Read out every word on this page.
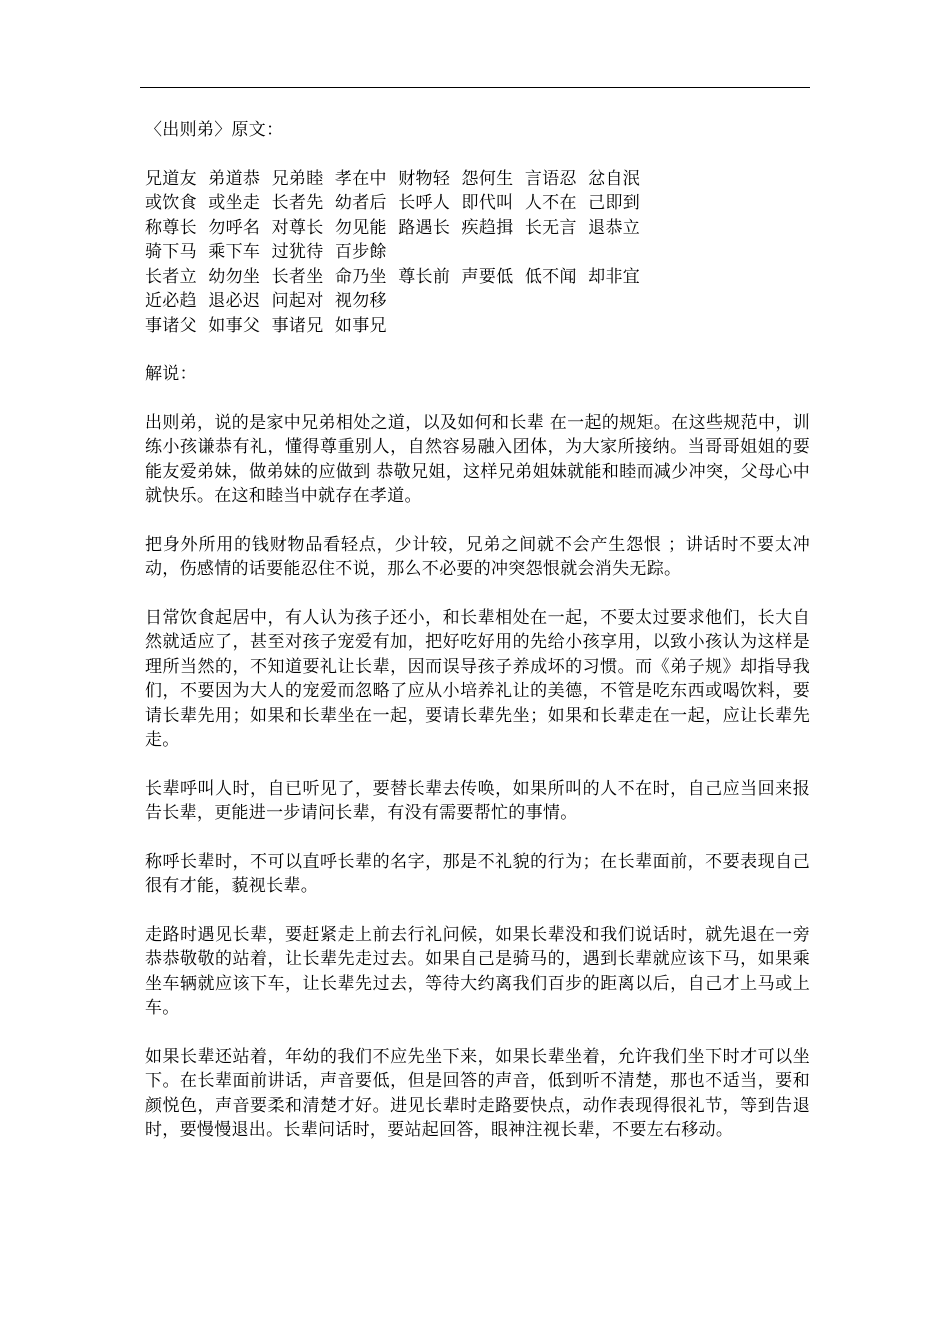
〈出则弟〉原文：
兄道友  弟道恭  兄弟睦  孝在中  财物轻  怨何生  言语忍  忿自泯
或饮食  或坐走  长者先  幼者后  长呼人  即代叫  人不在  己即到
称尊长  勿呼名  对尊长  勿见能  路遇长  疾趋揖  长无言  退恭立
骑下马  乘下车  过犹待  百步餘
长者立  幼勿坐  长者坐  命乃坐  尊长前  声要低  低不闻  却非宜
近必趋  退必迟  问起对  视勿移
事诸父  如事父  事诸兄  如事兄
解说：

出则弟，说的是家中兄弟相处之道，以及如何和长辈 在一起的规矩。在这些规范中，训练小孩谦恭有礼，懂得尊重别人，自然容易融入团体，为大家所接纳。当哥哥姐姐的要能友爱弟妹，做弟妹的应做到 恭敬兄姐，这样兄弟姐妹就能和睦而减少冲突，父母心中就快乐。在这和睦当中就存在孝道。

把身外所用的钱财物品看轻点，少计较，兄弟之间就不会产生怨恨 ；讲话时不要太冲动，伤感情的话要能忍住不说，那么不必要的冲突怨恨就会消失无踪。

日常饮食起居中，有人认为孩子还小，和长辈相处在一起，不要太过要求他们，长大自然就适应了，甚至对孩子宠爱有加，把好吃好用的先给小孩享用，以致小孩认为这样是理所当然的，不知道要礼让长辈，因而误导孩子养成坏的习惯。而《弟子规》却指导我们，不要因为大人的宠爱而忽略了应从小培养礼让的美德，不管是吃东西或喝饮料，要请长辈先用；如果和长辈坐在一起，要请长辈先坐；如果和长辈走在一起，应让长辈先走。

长辈呼叫人时，自已听见了，要替长辈去传唤，如果所叫的人不在时，自己应当回来报告长辈，更能进一步请问长辈，有没有需要帮忙的事情。

称呼长辈时，不可以直呼长辈的名字，那是不礼貌的行为；在长辈面前，不要表现自己很有才能，藐视长辈。

走路时遇见长辈，要赶紧走上前去行礼问候，如果长辈没和我们说话时，就先退在一旁恭恭敬敬的站着，让长辈先走过去。如果自己是骑马的，遇到长辈就应该下马，如果乘坐车辆就应该下车，让长辈先过去，等待大约离我们百步的距离以后，自己才上马或上车。

如果长辈还站着，年幼的我们不应先坐下来，如果长辈坐着，允许我们坐下时才可以坐下。在长辈面前讲话，声音要低，但是回答的声音，低到听不清楚，那也不适当，要和颜悦色，声音要柔和清楚才好。进见长辈时走路要快点，动作表现得很礼节，等到告退时，要慢慢退出。长辈问话时，要站起回答，眼神注视长辈，不要左右移动。
